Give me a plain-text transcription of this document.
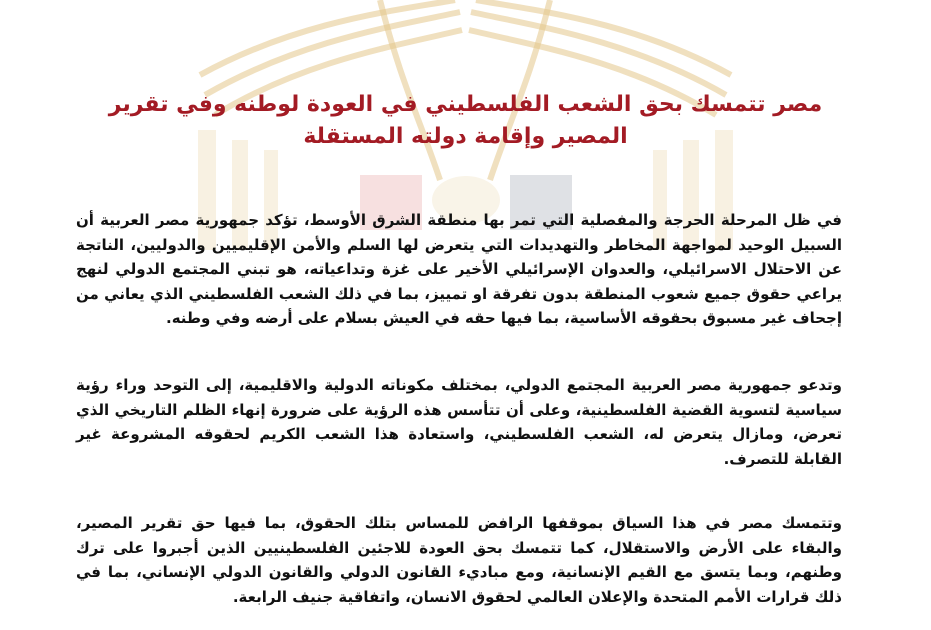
مصر تتمسك بحق الشعب الفلسطيني في العودة لوطنه وفي تقرير
المصير وإقامة دولته المستقلة

في ظل المرحلة الحرجة والمفصلية التي تمر بها منطقة الشرق الأوسط، تؤكد جمهورية مصر العربية أن السبيل الوحيد لمواجهة المخاطر والتهديدات التي يتعرض لها السلم والأمن الإقليميين والدوليين، الناتجة عن الاحتلال الاسرائيلي، والعدوان الإسرائيلي الأخير على غزة وتداعياته، هو تبني المجتمع الدولي لنهج يراعي حقوق جميع شعوب المنطقة بدون تفرقة او تمييز، بما في ذلك الشعب الفلسطيني الذي يعاني من إجحاف غير مسبوق بحقوقه الأساسية، بما فيها حقه في العيش بسلام على أرضه وفي وطنه.

وتدعو جمهورية مصر العربية المجتمع الدولي، بمختلف مكوناته الدولية والاقليمية، إلى التوحد وراء رؤية سياسية لتسوية القضية الفلسطينية، وعلى أن تتأسس هذه الرؤية على ضرورة إنهاء الظلم التاريخي الذي تعرض، ومازال يتعرض له، الشعب الفلسطيني، واستعادة هذا الشعب الكريم لحقوقه المشروعة غير القابلة للتصرف.

وتتمسك مصر في هذا السياق بموقفها الرافض للمساس بتلك الحقوق، بما فيها حق تقرير المصير، والبقاء على الأرض والاستقلال، كما تتمسك بحق العودة للاجئين الفلسطينيين الذين أجبروا على ترك وطنهم، وبما يتسق مع القيم الإنسانية، ومع مباديء القانون الدولي والقانون الدولي الإنساني، بما في ذلك قرارات الأمم المتحدة والإعلان العالمي لحقوق الانسان، واتفاقية جنيف الرابعة.
